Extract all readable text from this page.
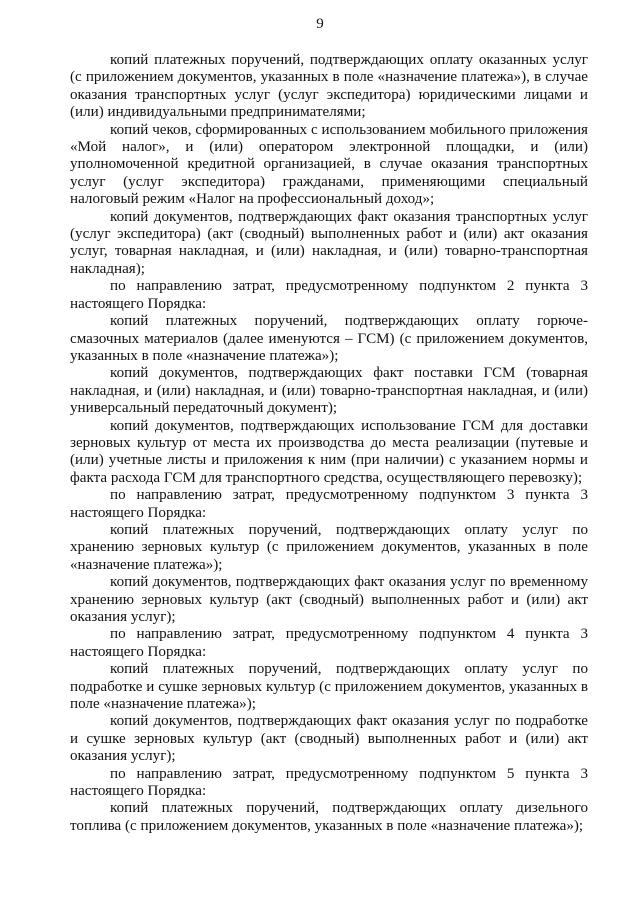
9

копий платежных поручений, подтверждающих оплату оказанных услуг (с приложением документов, указанных в поле «назначение платежа»), в случае оказания транспортных услуг (услуг экспедитора) юридическими лицами и (или) индивидуальными предпринимателями;

копий чеков, сформированных с использованием мобильного приложения «Мой налог», и (или) оператором электронной площадки, и (или) уполномоченной кредитной организацией, в случае оказания транспортных услуг (услуг экспедитора) гражданами, применяющими специальный налоговый режим «Налог на профессиональный доход»;

копий документов, подтверждающих факт оказания транспортных услуг (услуг экспедитора) (акт (сводный) выполненных работ и (или) акт оказания услуг, товарная накладная, и (или) накладная, и (или) товарно-транспортная накладная);

по направлению затрат, предусмотренному подпунктом 2 пункта 3 настоящего Порядка:

копий платежных поручений, подтверждающих оплату горюче-смазочных материалов (далее именуются – ГСМ) (с приложением документов, указанных в поле «назначение платежа»);

копий документов, подтверждающих факт поставки ГСМ (товарная накладная, и (или) накладная, и (или) товарно-транспортная накладная, и (или) универсальный передаточный документ);

копий документов, подтверждающих использование ГСМ для доставки зерновых культур от места их производства до места реализации (путевые и (или) учетные листы и приложения к ним (при наличии) с указанием нормы и факта расхода ГСМ для транспортного средства, осуществляющего перевозку);

по направлению затрат, предусмотренному подпунктом 3 пункта 3 настоящего Порядка:

копий платежных поручений, подтверждающих оплату услуг по хранению зерновых культур (с приложением документов, указанных в поле «назначение платежа»);

копий документов, подтверждающих факт оказания услуг по временному хранению зерновых культур (акт (сводный) выполненных работ и (или) акт оказания услуг);

по направлению затрат, предусмотренному подпунктом 4 пункта 3 настоящего Порядка:

копий платежных поручений, подтверждающих оплату услуг по подработке и сушке зерновых культур (с приложением документов, указанных в поле «назначение платежа»);

копий документов, подтверждающих факт оказания услуг по подработке и сушке зерновых культур (акт (сводный) выполненных работ и (или) акт оказания услуг);

по направлению затрат, предусмотренному подпунктом 5 пункта 3 настоящего Порядка:

копий платежных поручений, подтверждающих оплату дизельного топлива (с приложением документов, указанных в поле «назначение платежа»);
